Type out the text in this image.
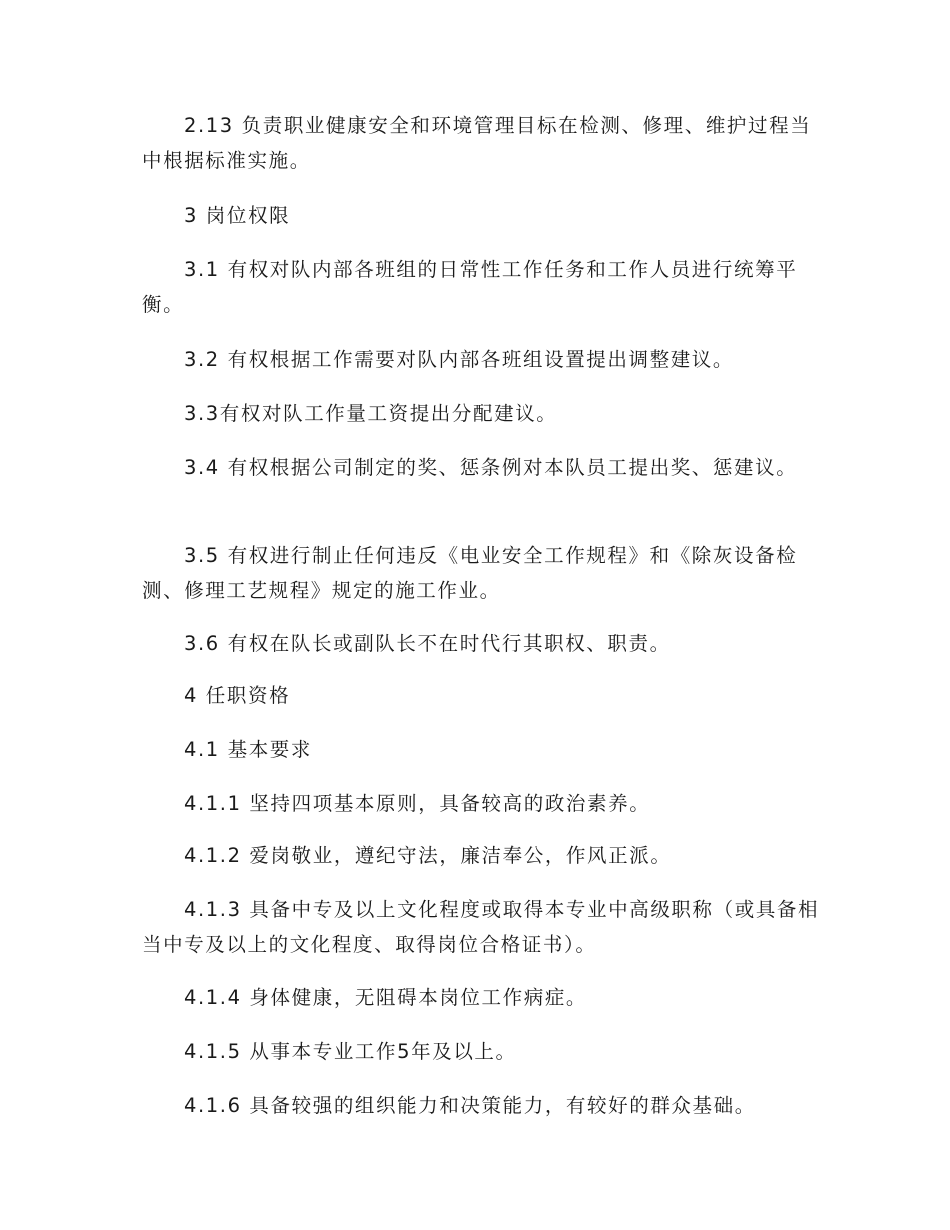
2.13 负责职业健康安全和环境管理目标在检测、修理、维护过程当中根据标准实施。

3 岗位权限

3.1 有权对队内部各班组的日常性工作任务和工作人员进行统筹平衡。

3.2 有权根据工作需要对队内部各班组设置提出调整建议。

3.3有权对队工作量工资提出分配建议。

3.4 有权根据公司制定的奖、惩条例对本队员工提出奖、惩建议。

3.5 有权进行制止任何违反《电业安全工作规程》和《除灰设备检测、修理工艺规程》规定的施工作业。

3.6 有权在队长或副队长不在时代行其职权、职责。

4 任职资格

4.1 基本要求

4.1.1 坚持四项基本原则，具备较高的政治素养。

4.1.2 爱岗敬业，遵纪守法，廉洁奉公，作风正派。

4.1.3 具备中专及以上文化程度或取得本专业中高级职称（或具备相当中专及以上的文化程度、取得岗位合格证书）。

4.1.4 身体健康，无阻碍本岗位工作病症。

4.1.5 从事本专业工作5年及以上。

4.1.6 具备较强的组织能力和决策能力，有较好的群众基础。
